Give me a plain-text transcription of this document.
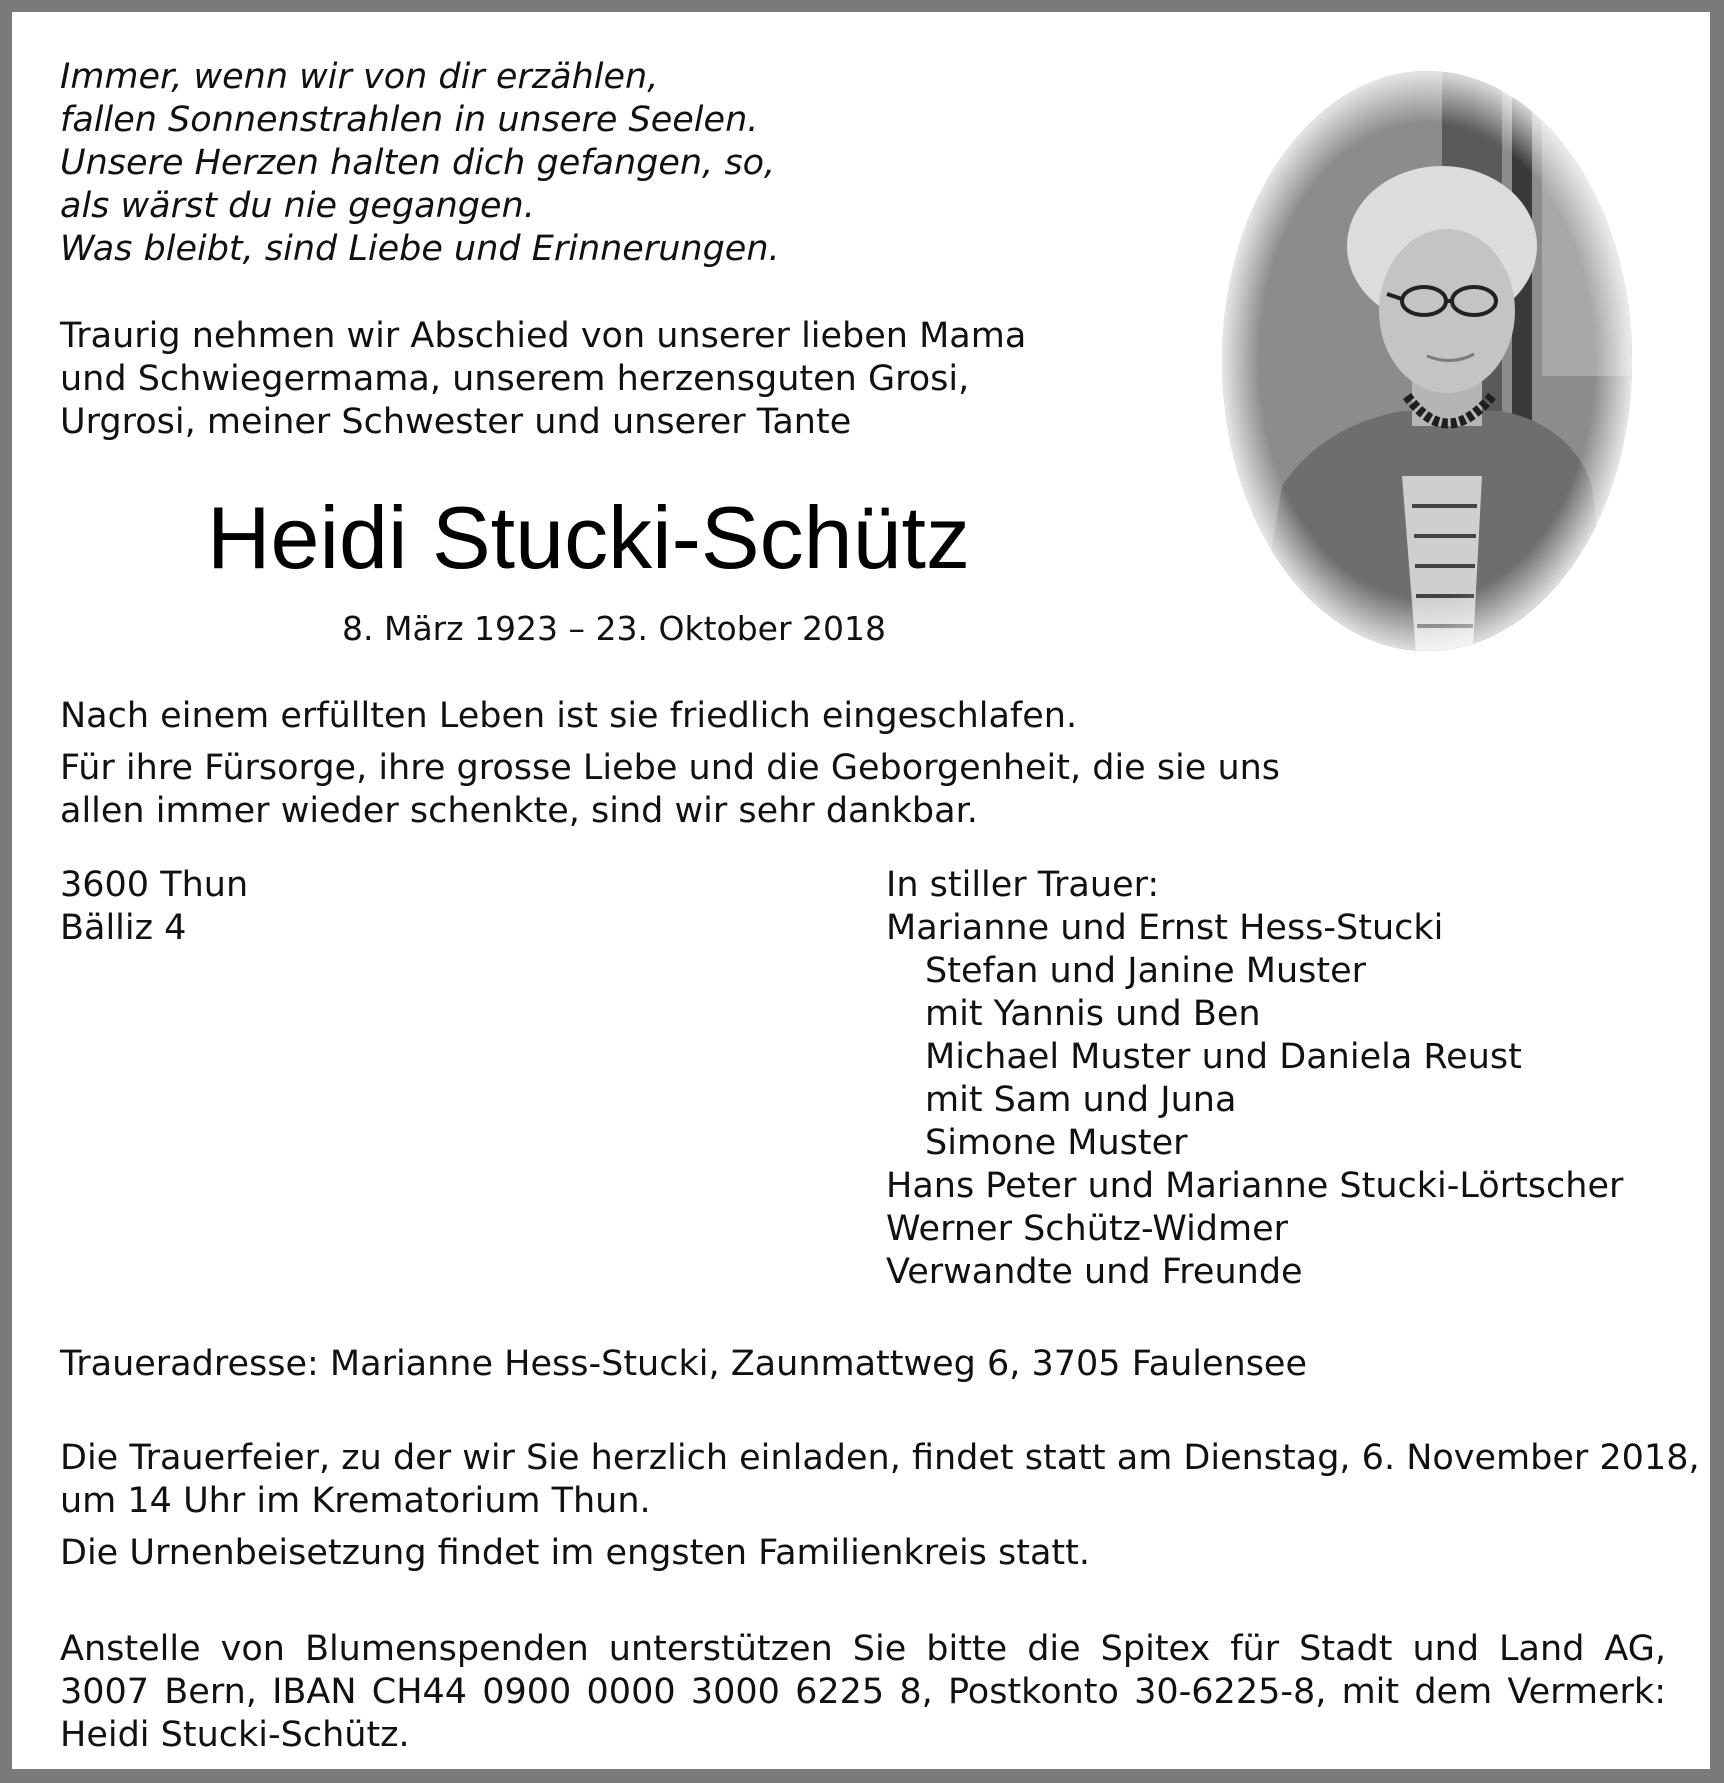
Immer, wenn wir von dir erzählen,
fallen Sonnenstrahlen in unsere Seelen.
Unsere Herzen halten dich gefangen, so,
als wärst du nie gegangen.
Was bleibt, sind Liebe und Erinnerungen.
Traurig nehmen wir Abschied von unserer lieben Mama
und Schwiegermama, unserem herzensguten Grosi,
Urgrosi, meiner Schwester und unserer Tante
Heidi Stucki-Schütz
8. März 1923 – 23. Oktober 2018
Nach einem erfüllten Leben ist sie friedlich eingeschlafen.
Für ihre Fürsorge, ihre grosse Liebe und die Geborgenheit, die sie uns
allen immer wieder schenkte, sind wir sehr dankbar.
3600 Thun
Bälliz 4
In stiller Trauer:
Marianne und Ernst Hess-Stucki
Stefan und Janine Muster
mit Yannis und Ben
Michael Muster und Daniela Reust
mit Sam und Juna
Simone Muster
Hans Peter und Marianne Stucki-Lörtscher
Werner Schütz-Widmer
Verwandte und Freunde
Traueradresse: Marianne Hess-Stucki, Zaunmattweg 6, 3705 Faulensee
Die Trauerfeier, zu der wir Sie herzlich einladen, findet statt am Dienstag, 6. November 2018,
um 14 Uhr im Krematorium Thun.
Die Urnenbeisetzung findet im engsten Familienkreis statt.
Anstelle von Blumenspenden unterstützen Sie bitte die Spitex für Stadt und Land AG,
3007 Bern, IBAN CH44 0900 0000 3000 6225 8, Postkonto 30-6225-8, mit dem Vermerk:
Heidi Stucki-Schütz.
